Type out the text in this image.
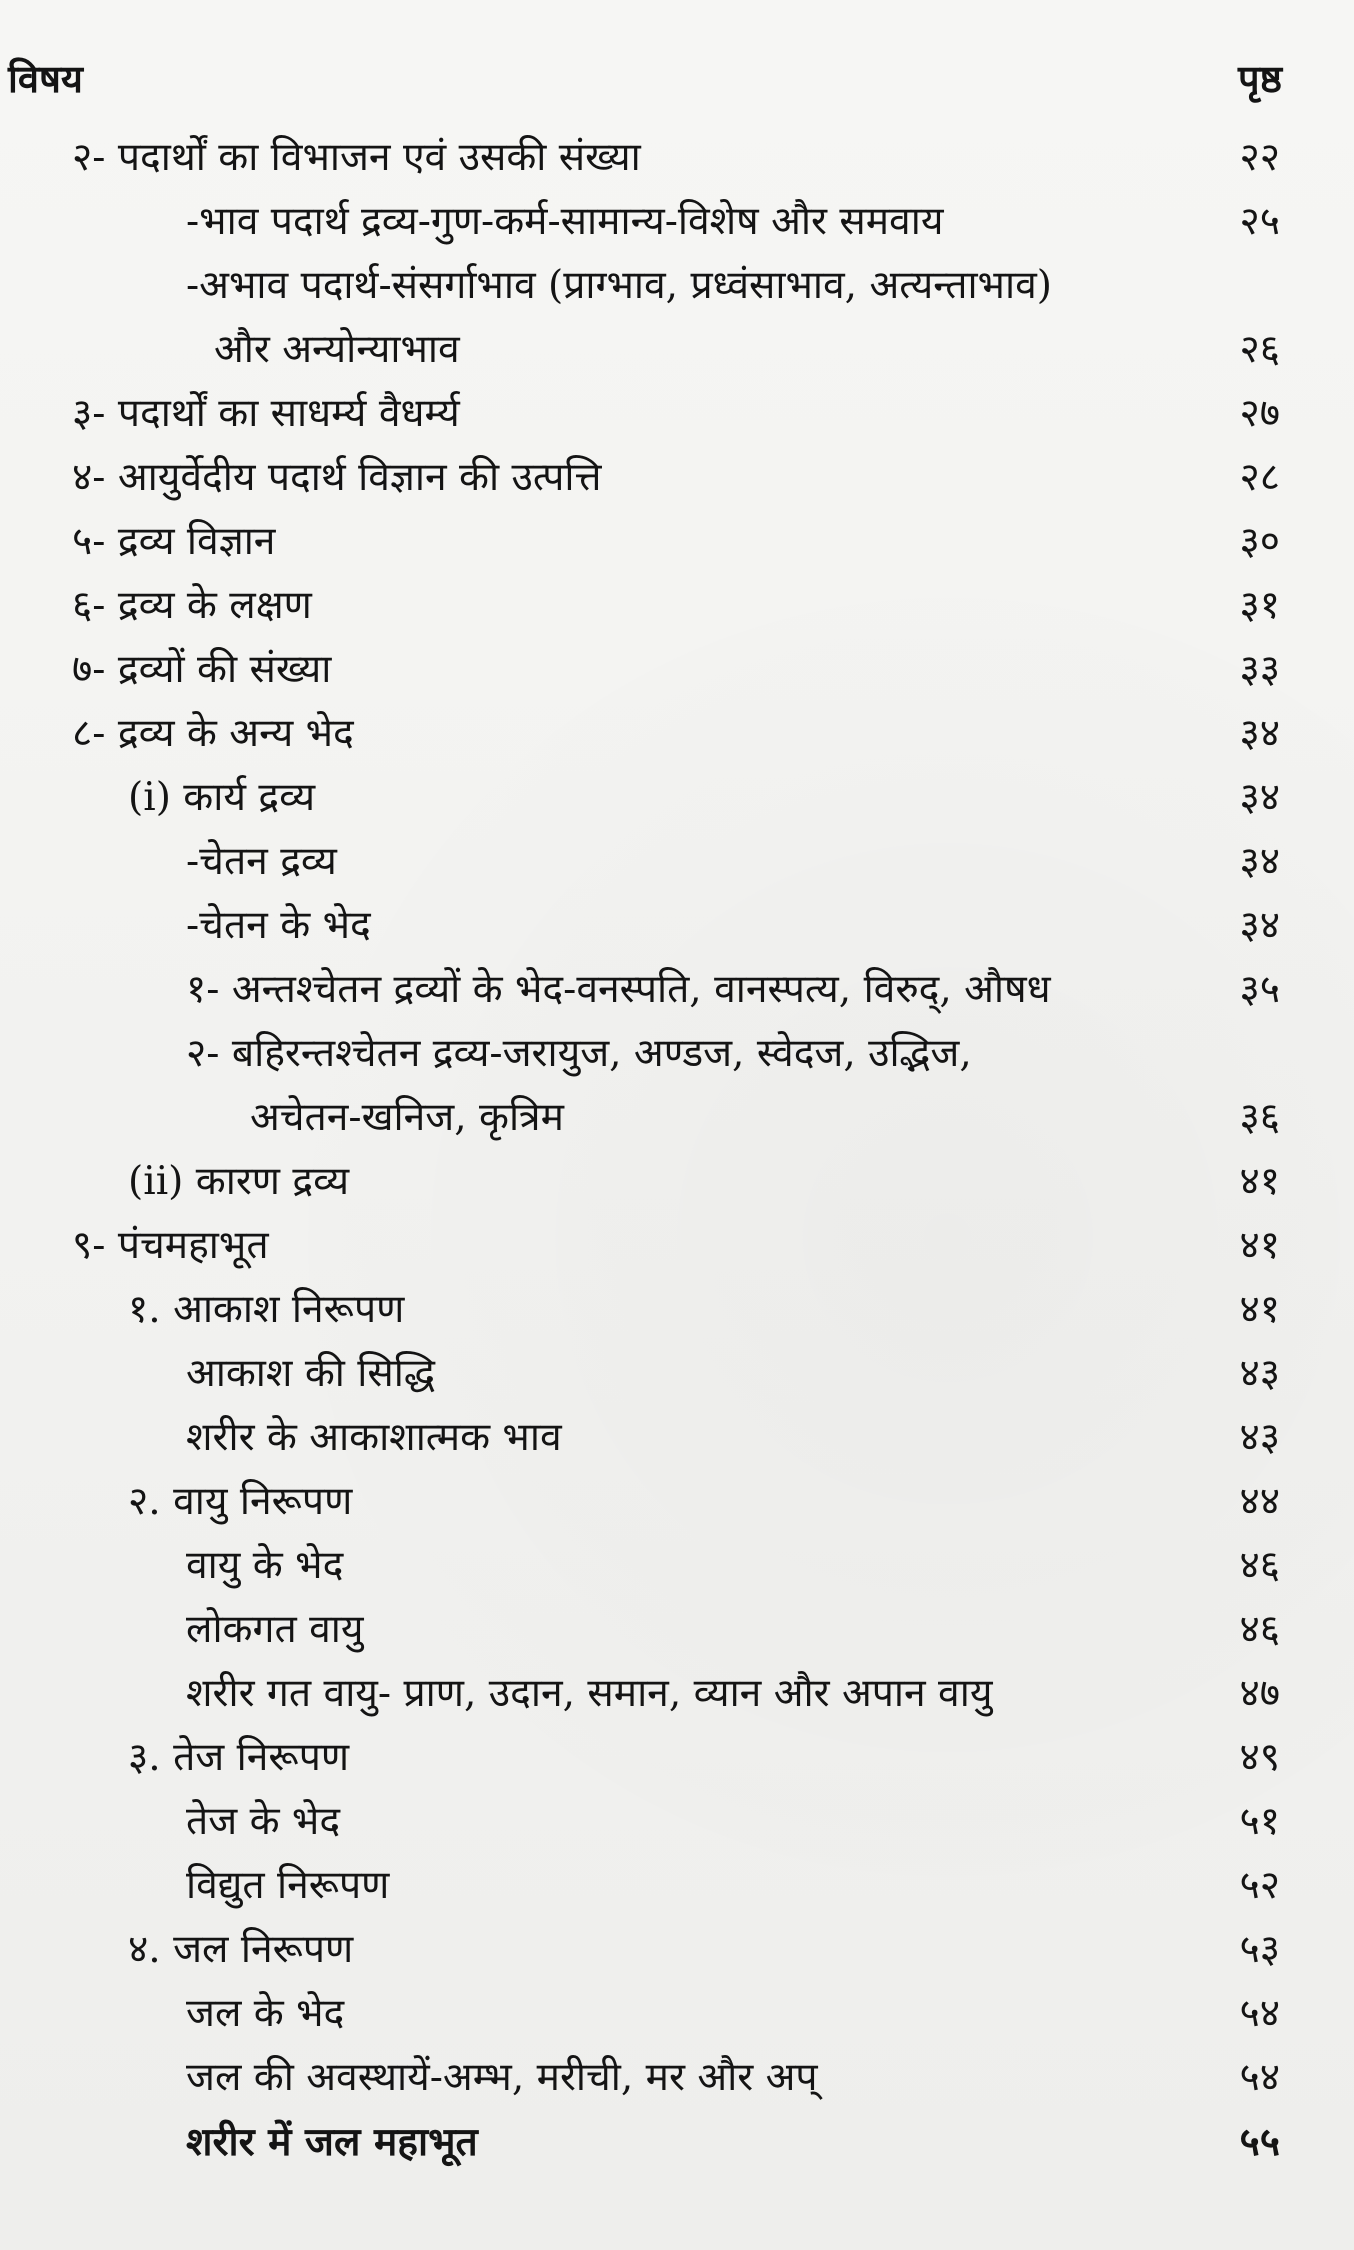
विषय	पृष्ठ
२- पदार्थों का विभाजन एवं उसकी संख्या	२२
-भाव पदार्थ द्रव्य-गुण-कर्म-सामान्य-विशेष और समवाय	२५
-अभाव पदार्थ-संसर्गाभाव (प्राग्भाव, प्रध्वंसाभाव, अत्यन्ताभाव)
और अन्योन्याभाव	२६
३- पदार्थों का साधर्म्य वैधर्म्य	२७
४- आयुर्वेदीय पदार्थ विज्ञान की उत्पत्ति	२८
५- द्रव्य विज्ञान	३०
६- द्रव्य के लक्षण	३१
७- द्रव्यों की संख्या	३३
८- द्रव्य के अन्य भेद	३४
(i) कार्य द्रव्य	३४
-चेतन द्रव्य	३४
-चेतन के भेद	३४
१- अन्तश्चेतन द्रव्यों के भेद-वनस्पति, वानस्पत्य, विरुद्, औषध	३५
२- बहिरन्तश्चेतन द्रव्य-जरायुज, अण्डज, स्वेदज, उद्भिज,
अचेतन-खनिज, कृत्रिम	३६
(ii) कारण द्रव्य	४१
९- पंचमहाभूत	४१
१. आकाश निरूपण	४१
आकाश की सिद्धि	४३
शरीर के आकाशात्मक भाव	४३
२. वायु निरूपण	४४
वायु के भेद	४६
लोकगत वायु	४६
शरीर गत वायु- प्राण, उदान, समान, व्यान और अपान वायु	४७
३. तेज निरूपण	४९
तेज के भेद	५१
विद्युत निरूपण	५२
४. जल निरूपण	५३
जल के भेद	५४
जल की अवस्थायें-अम्भ, मरीची, मर और अप्	५४
शरीर में जल महाभूत	५५
